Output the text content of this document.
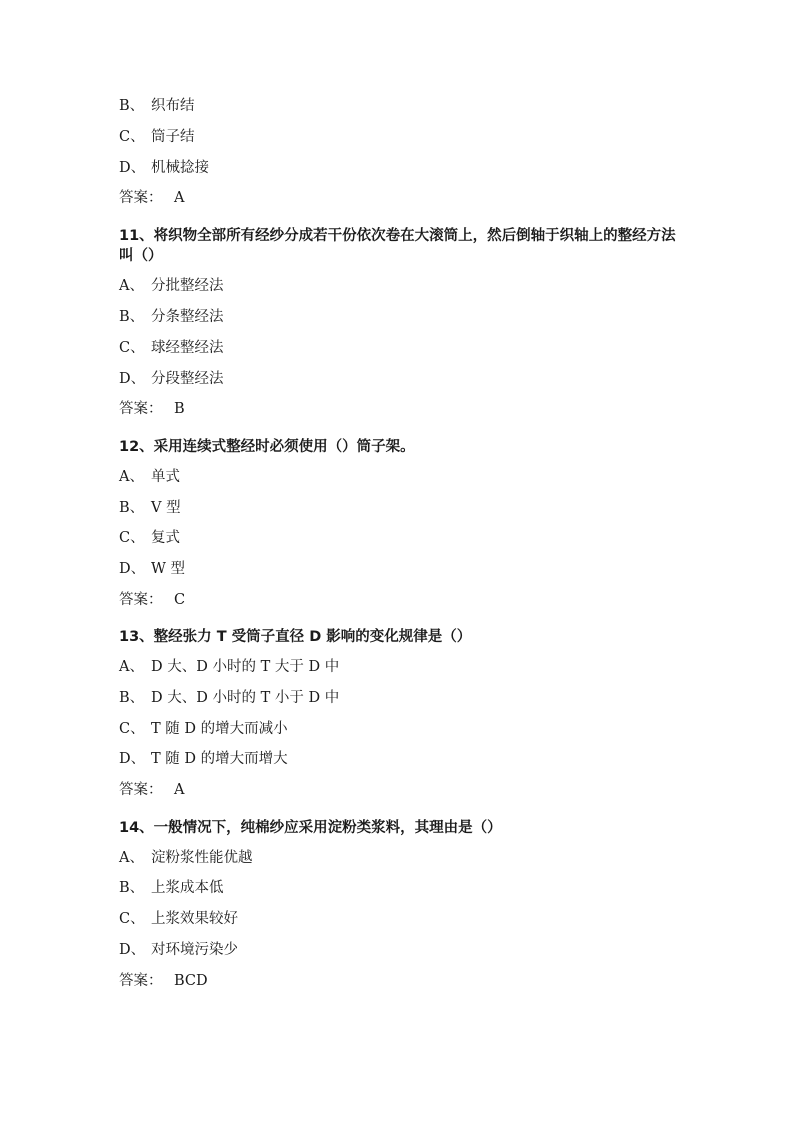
B、 织布结
C、 筒子结
D、 机械捻接
答案： A
11、将织物全部所有经纱分成若干份依次卷在大滚筒上，然后倒轴于织轴上的整经方法叫（）
A、 分批整经法
B、 分条整经法
C、 球经整经法
D、 分段整经法
答案： B
12、采用连续式整经时必须使用（）筒子架。
A、 单式
B、 V 型
C、 复式
D、 W 型
答案： C
13、整经张力 T 受筒子直径 D 影响的变化规律是（）
A、 D 大、D 小时的 T 大于 D 中
B、 D 大、D 小时的 T 小于 D 中
C、 T 随 D 的增大而减小
D、 T 随 D 的增大而增大
答案： A
14、一般情况下，纯棉纱应采用淀粉类浆料，其理由是（）
A、 淀粉浆性能优越
B、 上浆成本低
C、 上浆效果较好
D、 对环境污染少
答案： BCD
